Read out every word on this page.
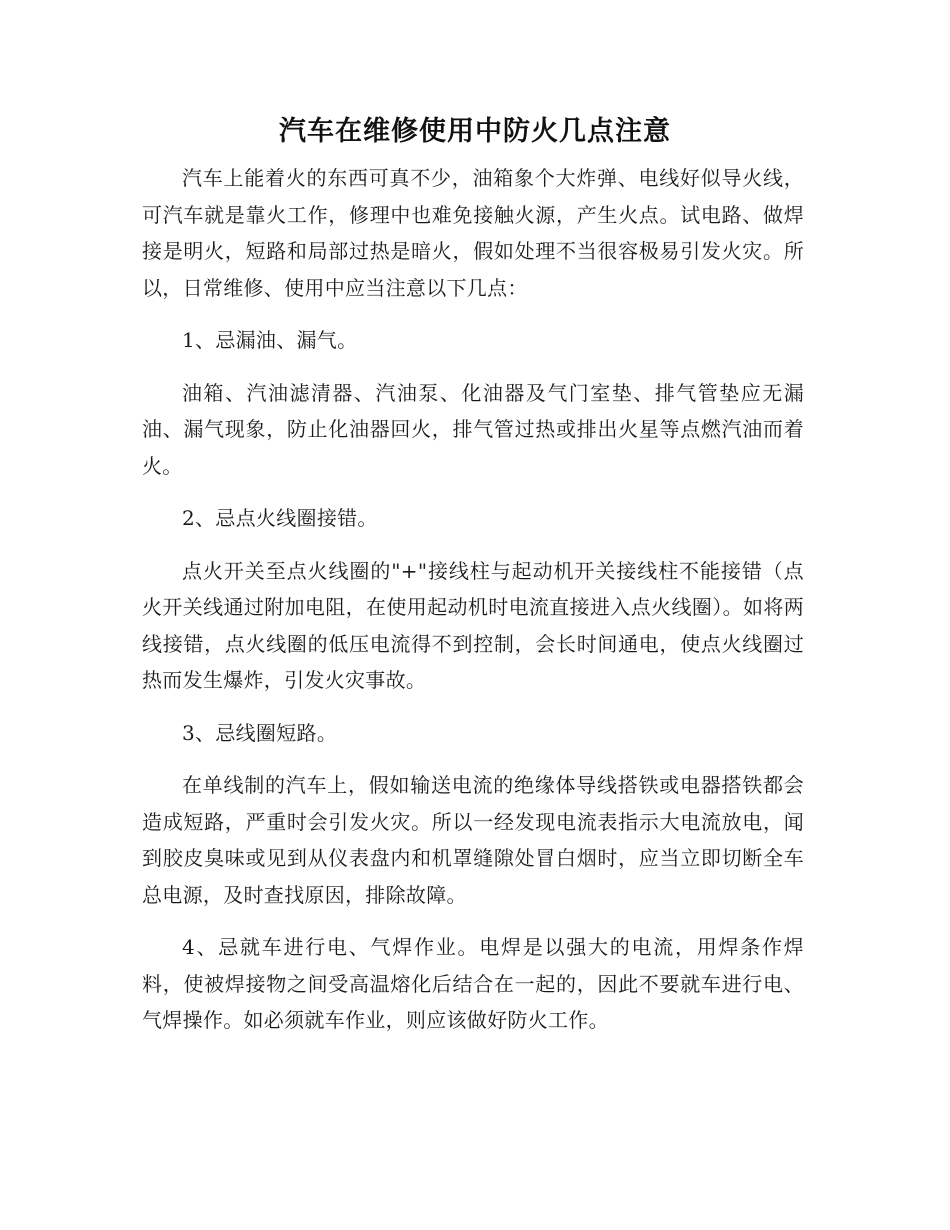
汽车在维修使用中防火几点注意

汽车上能着火的东西可真不少，油箱象个大炸弹、电线好似导火线，可汽车就是靠火工作，修理中也难免接触火源，产生火点。试电路、做焊接是明火，短路和局部过热是暗火，假如处理不当很容极易引发火灾。所以，日常维修、使用中应当注意以下几点：

1、忌漏油、漏气。

油箱、汽油滤清器、汽油泵、化油器及气门室垫、排气管垫应无漏油、漏气现象，防止化油器回火，排气管过热或排出火星等点燃汽油而着火。

2、忌点火线圈接错。

点火开关至点火线圈的"+"接线柱与起动机开关接线柱不能接错（点火开关线通过附加电阻，在使用起动机时电流直接进入点火线圈）。如将两线接错，点火线圈的低压电流得不到控制，会长时间通电，使点火线圈过热而发生爆炸，引发火灾事故。

3、忌线圈短路。

在单线制的汽车上，假如输送电流的绝缘体导线搭铁或电器搭铁都会造成短路，严重时会引发火灾。所以一经发现电流表指示大电流放电，闻到胶皮臭味或见到从仪表盘内和机罩缝隙处冒白烟时，应当立即切断全车总电源，及时查找原因，排除故障。

4、忌就车进行电、气焊作业。电焊是以强大的电流，用焊条作焊料，使被焊接物之间受高温熔化后结合在一起的，因此不要就车进行电、气焊操作。如必须就车作业，则应该做好防火工作。
